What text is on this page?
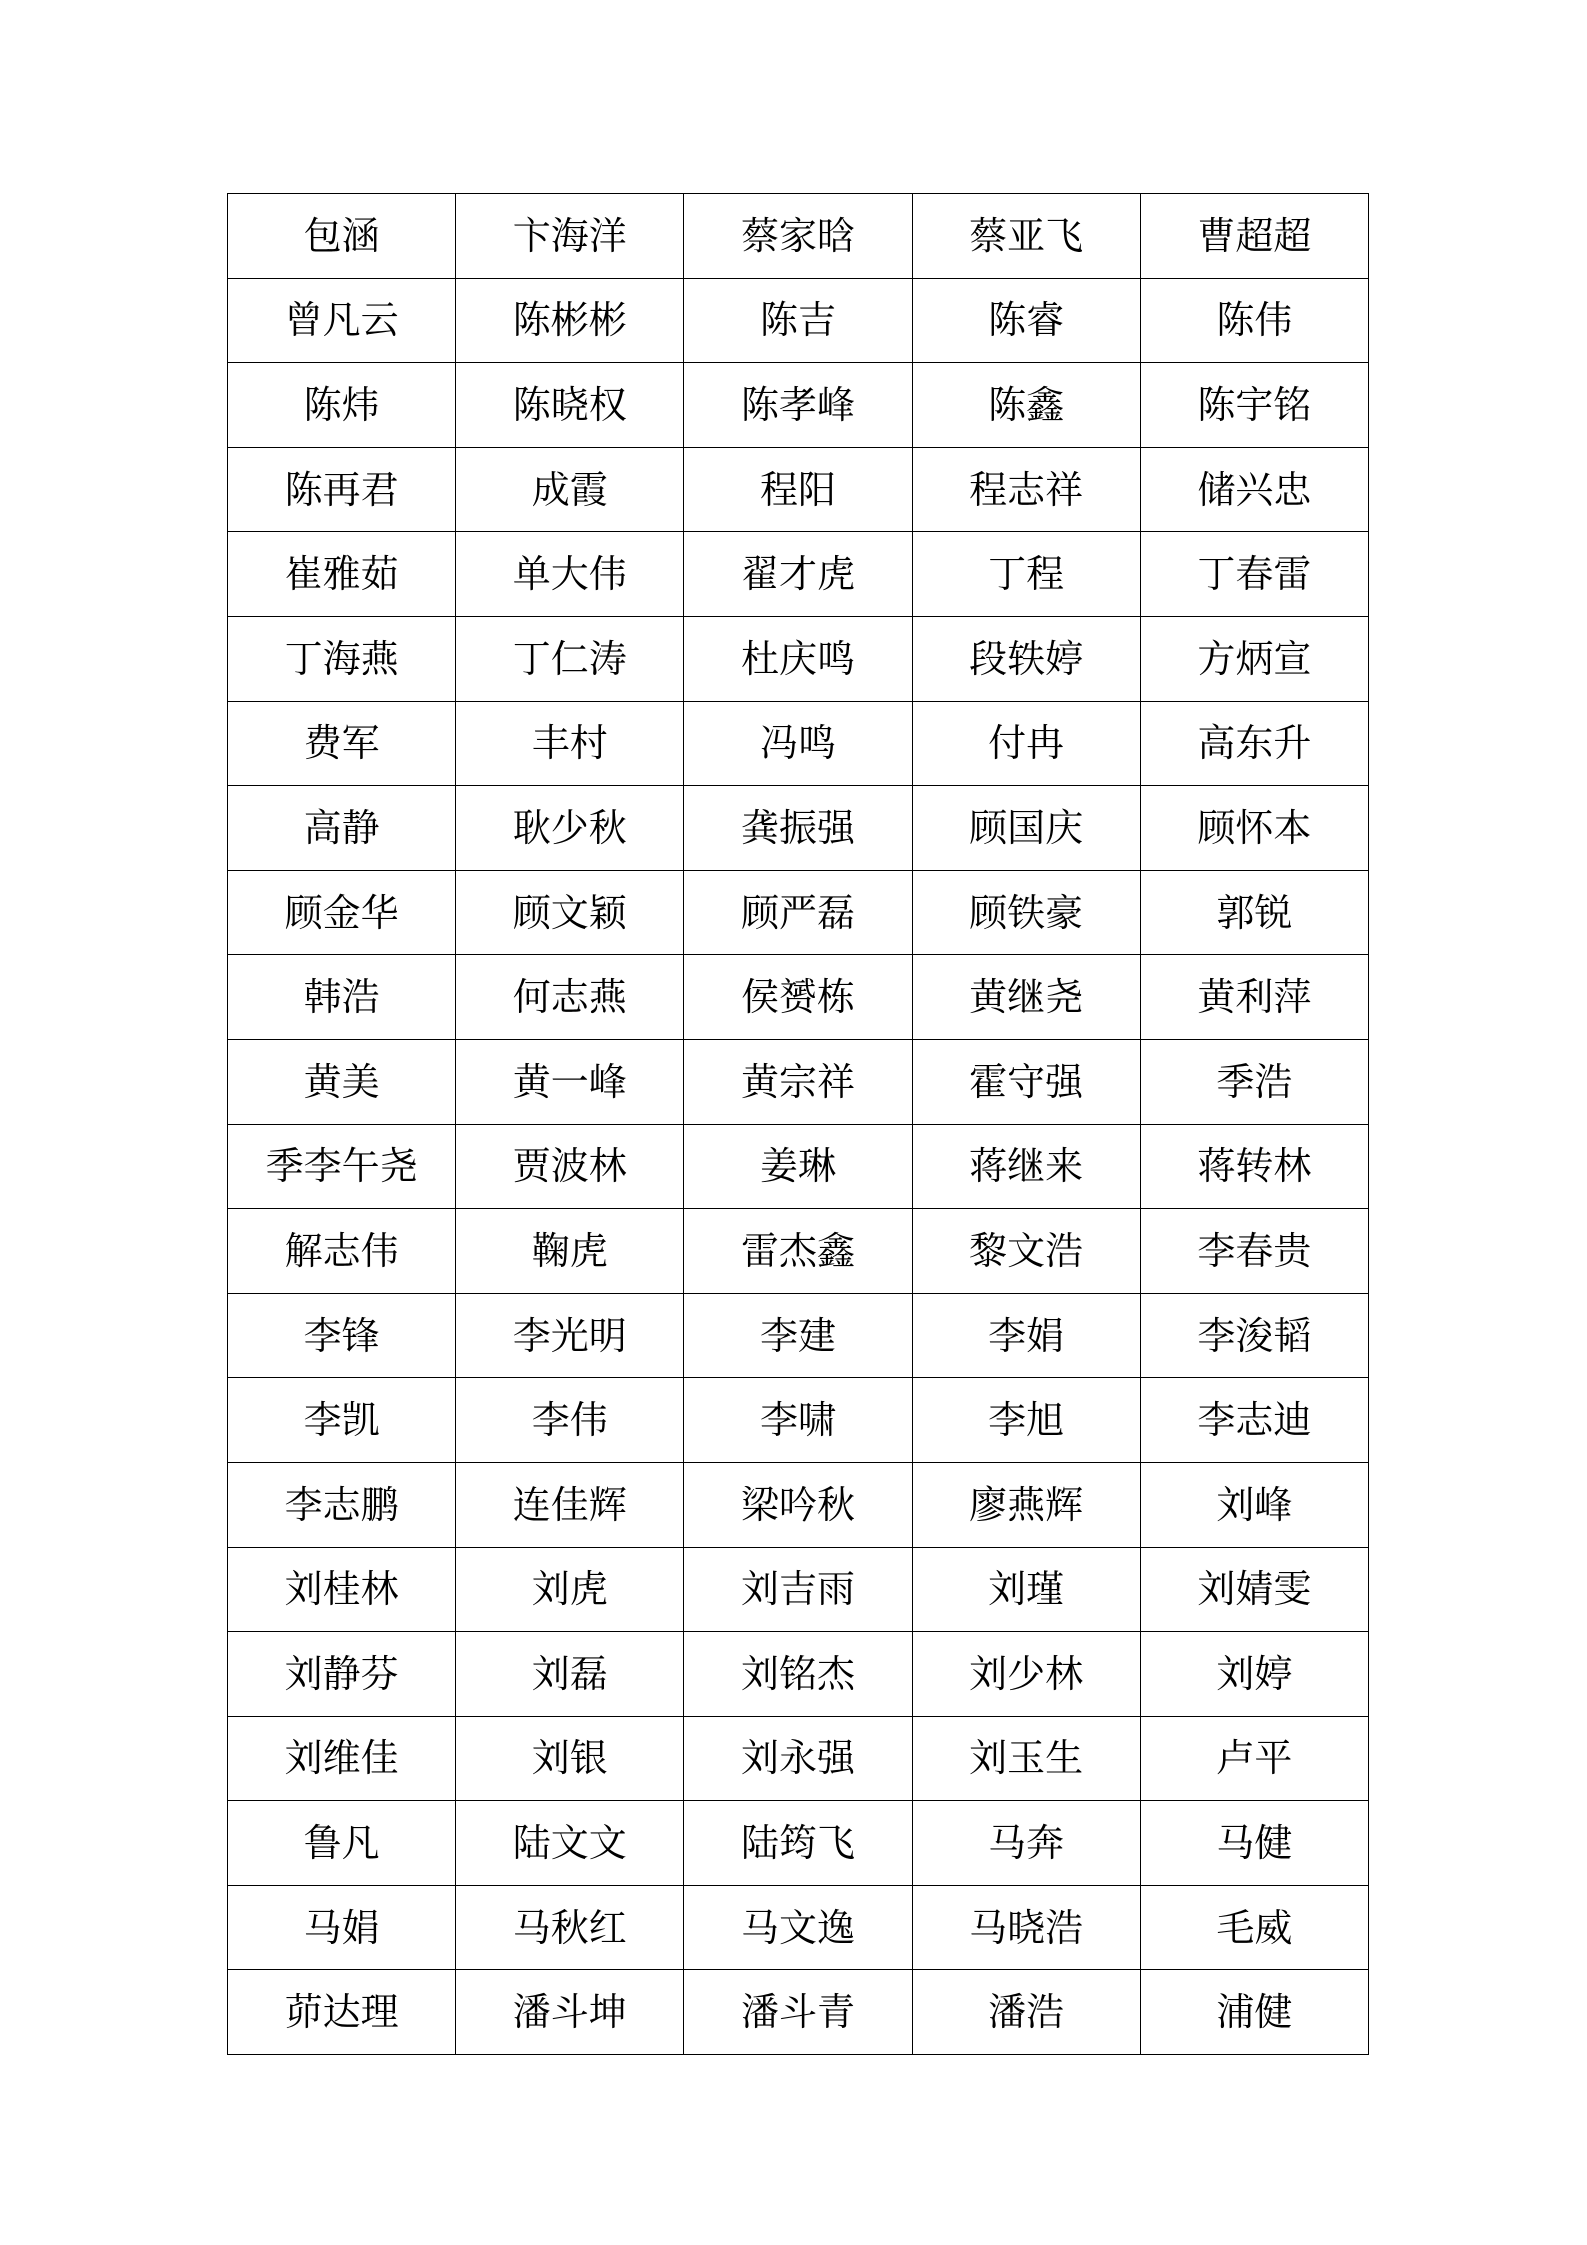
包涵	卞海洋	蔡家晗	蔡亚飞	曹超超
曾凡云	陈彬彬	陈吉	陈睿	陈伟
陈炜	陈晓权	陈孝峰	陈鑫	陈宇铭
陈再君	成霞	程阳	程志祥	储兴忠
崔雅茹	单大伟	翟才虎	丁程	丁春雷
丁海燕	丁仁涛	杜庆鸣	段轶婷	方炳宣
费军	丰村	冯鸣	付冉	高东升
高静	耿少秋	龚振强	顾国庆	顾怀本
顾金华	顾文颖	顾严磊	顾铁豪	郭锐
韩浩	何志燕	侯赟栋	黄继尧	黄利萍
黄美	黄一峰	黄宗祥	霍守强	季浩
季李午尧	贾波林	姜琳	蒋继来	蒋转林
解志伟	鞠虎	雷杰鑫	黎文浩	李春贵
李锋	李光明	李建	李娟	李浚韬
李凯	李伟	李啸	李旭	李志迪
李志鹏	连佳辉	梁吟秋	廖燕辉	刘峰
刘桂林	刘虎	刘吉雨	刘瑾	刘婧雯
刘静芬	刘磊	刘铭杰	刘少林	刘婷
刘维佳	刘银	刘永强	刘玉生	卢平
鲁凡	陆文文	陆筠飞	马奔	马健
马娟	马秋红	马文逸	马晓浩	毛威
茆达理	潘斗坤	潘斗青	潘浩	浦健
